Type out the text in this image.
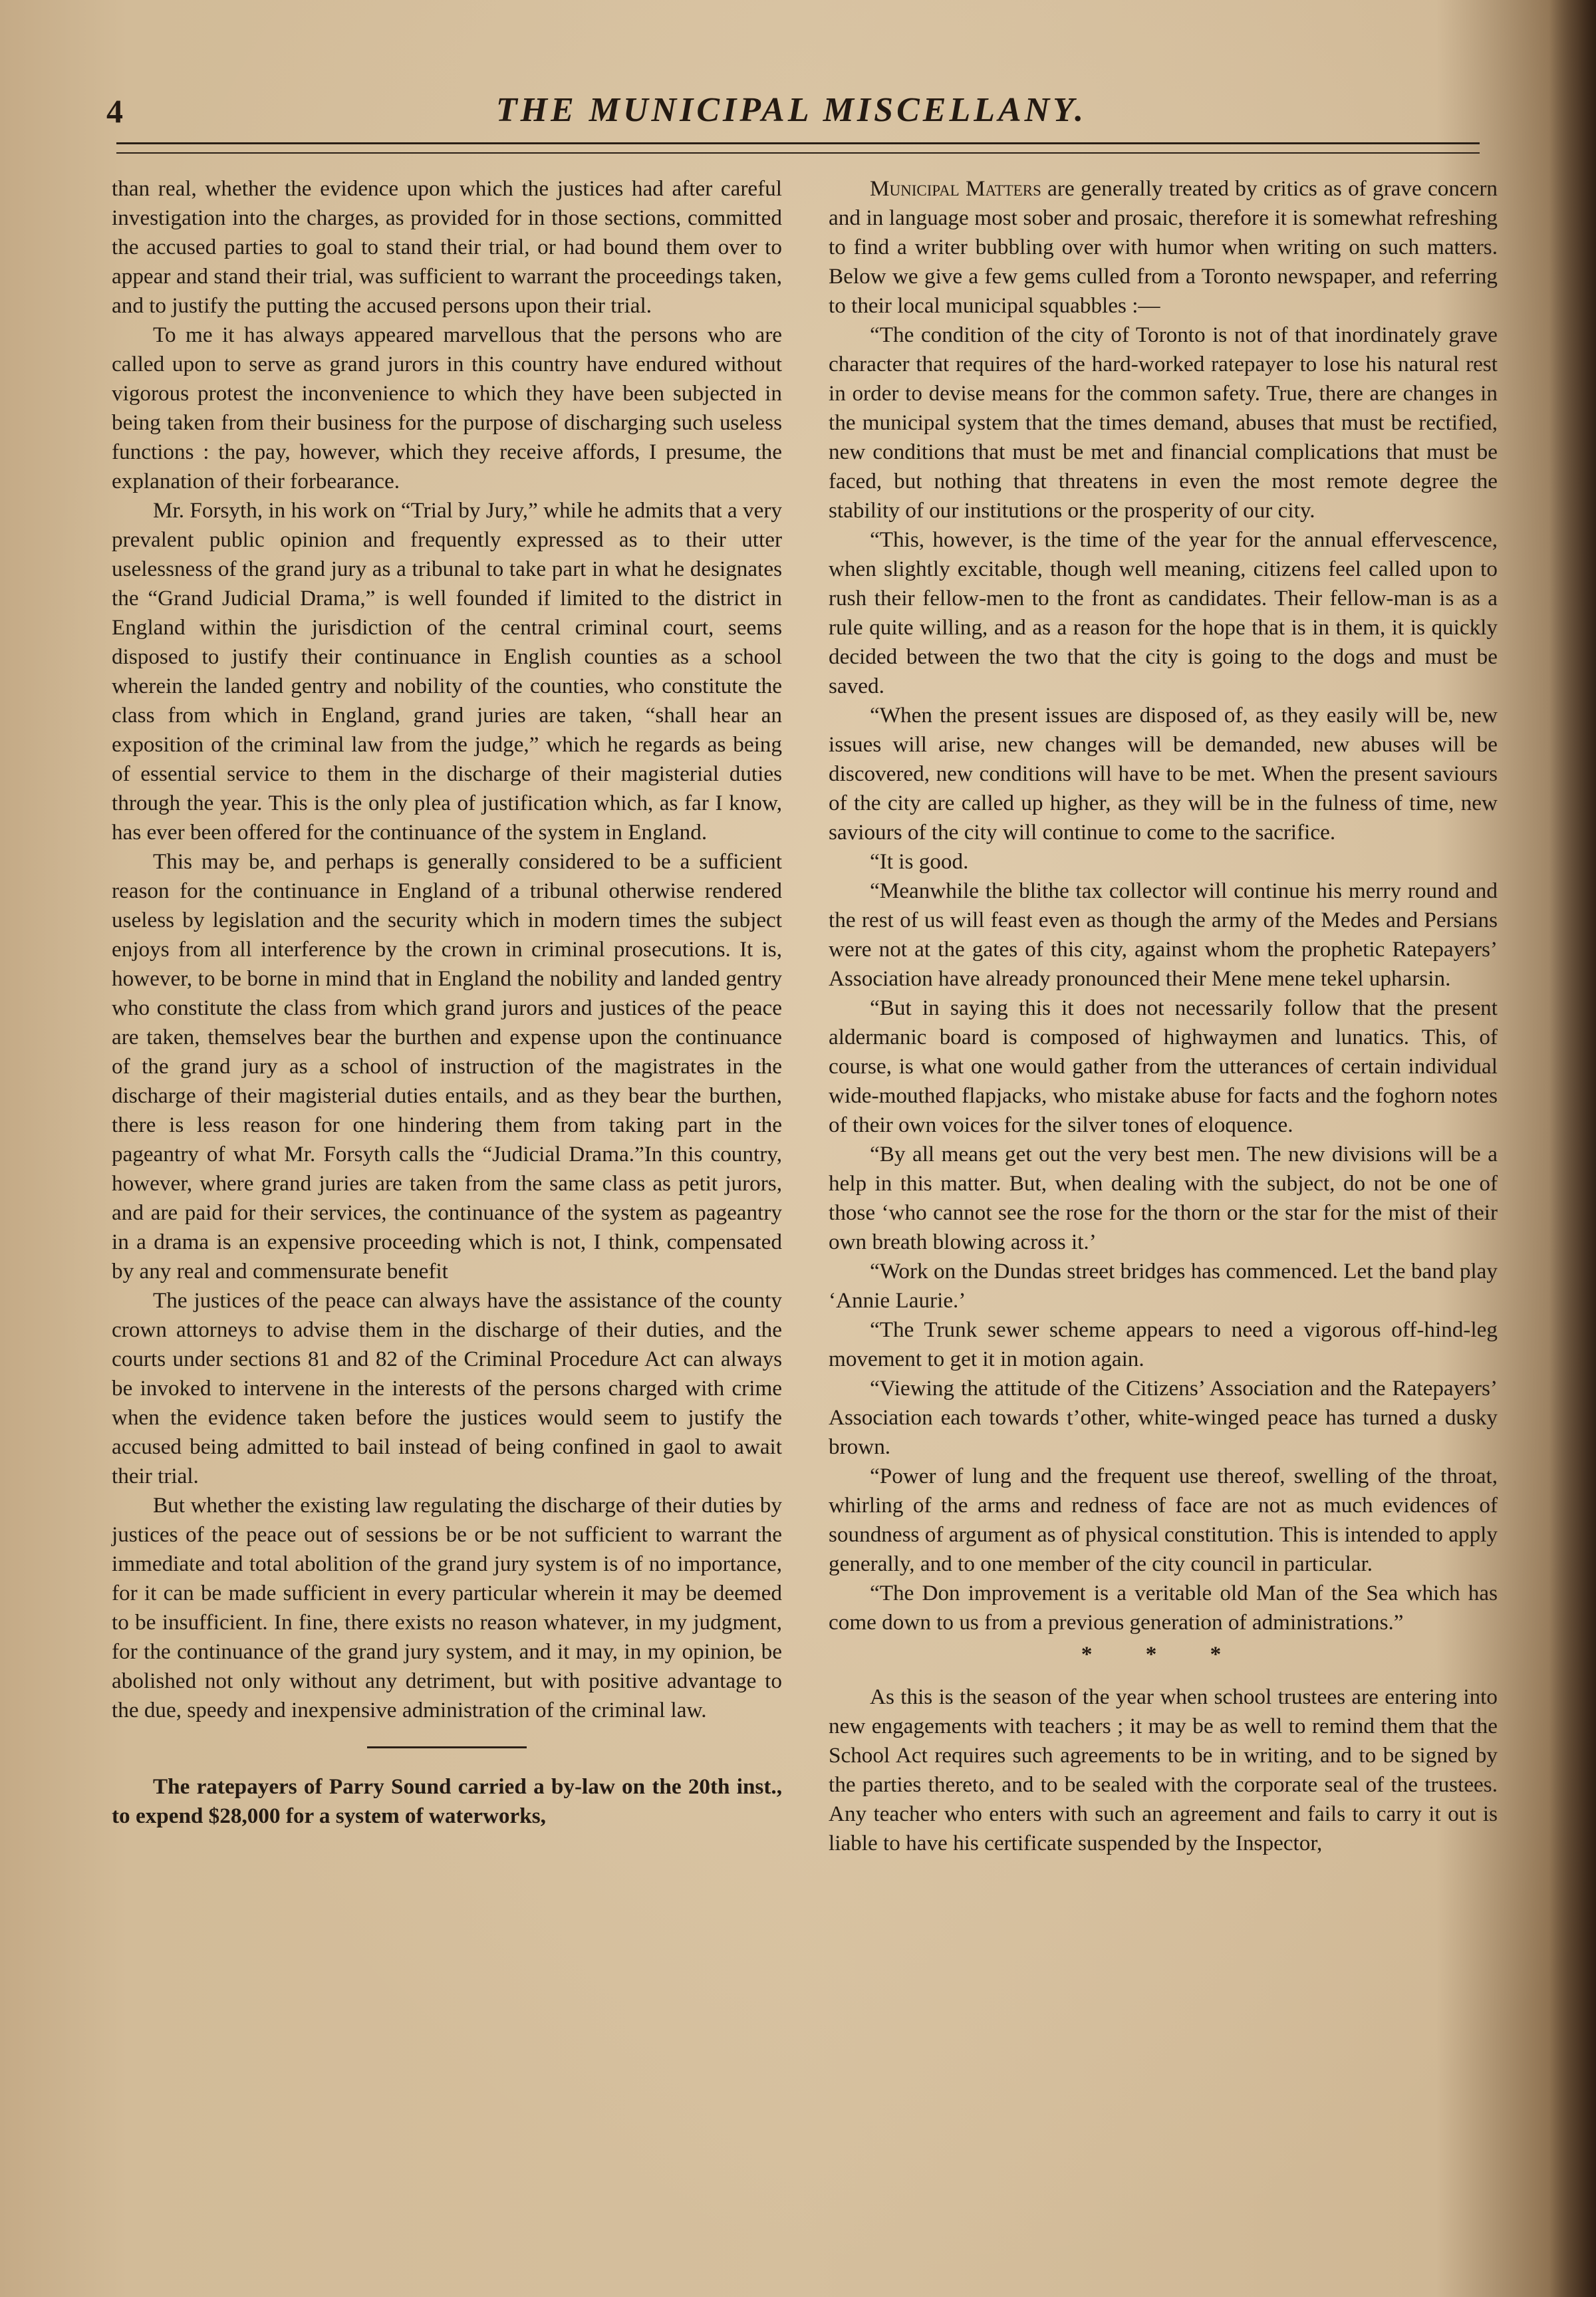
4	THE MUNICIPAL MISCELLANY.

than real, whether the evidence upon which the justices had after careful investigation into the charges, as provided for in those sections, committed the accused parties to goal to stand their trial, or had bound them over to appear and stand their trial, was sufficient to warrant the proceedings taken, and to justify the putting the accused persons upon their trial.

To me it has always appeared marvellous that the persons who are called upon to serve as grand jurors in this country have endured without vigorous protest the inconvenience to which they have been subjected in being taken from their business for the purpose of discharging such useless functions : the pay, however, which they receive affords, I presume, the explanation of their forbearance.

Mr. Forsyth, in his work on “Trial by Jury,” while he admits that a very prevalent public opinion and frequently expressed as to their utter uselessness of the grand jury as a tribunal to take part in what he designates the “Grand Judicial Drama,” is well founded if limited to the district in England within the jurisdiction of the central criminal court, seems disposed to justify their continuance in English counties as a school wherein the landed gentry and nobility of the counties, who constitute the class from which in England, grand juries are taken, “shall hear an exposition of the criminal law from the judge,” which he regards as being of essential service to them in the discharge of their magisterial duties through the year. This is the only plea of justification which, as far I know, has ever been offered for the continuance of the system in England.

This may be, and perhaps is generally considered to be a sufficient reason for the continuance in England of a tribunal otherwise rendered useless by legislation and the security which in modern times the subject enjoys from all interference by the crown in criminal prosecutions. It is, however, to be borne in mind that in England the nobility and landed gentry who constitute the class from which grand jurors and justices of the peace are taken, themselves bear the burthen and expense upon the continuance of the grand jury as a school of instruction of the magistrates in the discharge of their magisterial duties entails, and as they bear the burthen, there is less reason for one hindering them from taking part in the pageantry of what Mr. Forsyth calls the “Judicial Drama.”In this country, however, where grand juries are taken from the same class as petit jurors, and are paid for their services, the continuance of the system as pageantry in a drama is an expensive proceeding which is not, I think, compensated by any real and commensurate benefit

The justices of the peace can always have the assistance of the county crown attorneys to advise them in the discharge of their duties, and the courts under sections 81 and 82 of the Criminal Procedure Act can always be invoked to intervene in the interests of the persons charged with crime when the evidence taken before the justices would seem to justify the accused being admitted to bail instead of being confined in gaol to await their trial.

But whether the existing law regulating the discharge of their duties by justices of the peace out of sessions be or be not sufficient to warrant the immediate and total abolition of the grand jury system is of no importance, for it can be made sufficient in every particular wherein it may be deemed to be insufficient. In fine, there exists no reason whatever, in my judgment, for the continuance of the grand jury system, and it may, in my opinion, be abolished not only without any detriment, but with positive advantage to the due, speedy and inexpensive administration of the criminal law.

The ratepayers of Parry Sound carried a by-law on the 20th inst., to expend $28,000 for a system of waterworks,

Municipal Matters are generally treated by critics as of grave concern and in language most sober and prosaic, therefore it is somewhat refreshing to find a writer bubbling over with humor when writing on such matters. Below we give a few gems culled from a Toronto newspaper, and referring to their local municipal squabbles :—

“The condition of the city of Toronto is not of that inordinately grave character that requires of the hard-worked ratepayer to lose his natural rest in order to devise means for the common safety. True, there are changes in the municipal system that the times demand, abuses that must be rectified, new conditions that must be met and financial complications that must be faced, but nothing that threatens in even the most remote degree the stability of our institutions or the prosperity of our city.

“This, however, is the time of the year for the annual effervescence, when slightly excitable, though well meaning, citizens feel called upon to rush their fellow-men to the front as candidates. Their fellow-man is as a rule quite willing, and as a reason for the hope that is in them, it is quickly decided between the two that the city is going to the dogs and must be saved.

“When the present issues are disposed of, as they easily will be, new issues will arise, new changes will be demanded, new abuses will be discovered, new conditions will have to be met. When the present saviours of the city are called up higher, as they will be in the fulness of time, new saviours of the city will continue to come to the sacrifice.

“It is good.

“Meanwhile the blithe tax collector will continue his merry round and the rest of us will feast even as though the army of the Medes and Persians were not at the gates of this city, against whom the prophetic Ratepayers’ Association have already pronounced their Mene mene tekel upharsin.

“But in saying this it does not necessarily follow that the present aldermanic board is composed of highwaymen and lunatics. This, of course, is what one would gather from the utterances of certain individual wide-mouthed flapjacks, who mistake abuse for facts and the foghorn notes of their own voices for the silver tones of eloquence.

“By all means get out the very best men. The new divisions will be a help in this matter. But, when dealing with the subject, do not be one of those ‘who cannot see the rose for the thorn or the star for the mist of their own breath blowing across it.’

“Work on the Dundas street bridges has commenced. Let the band play ‘Annie Laurie.’

“The Trunk sewer scheme appears to need a vigorous off-hind-leg movement to get it in motion again.

“Viewing the attitude of the Citizens’ Association and the Ratepayers’ Association each towards t’other, white-winged peace has turned a dusky brown.

“Power of lung and the frequent use thereof, swelling of the throat, whirling of the arms and redness of face are not as much evidences of soundness of argument as of physical constitution. This is intended to apply generally, and to one member of the city council in particular.

“The Don improvement is a veritable old Man of the Sea which has come down to us from a previous generation of administrations.”

* * *

As this is the season of the year when school trustees are entering into new engagements with teachers ; it may be as well to remind them that the School Act requires such agreements to be in writing, and to be signed by the parties thereto, and to be sealed with the corporate seal of the trustees. Any teacher who enters with such an agreement and fails to carry it out is liable to have his certificate suspended by the Inspector,
